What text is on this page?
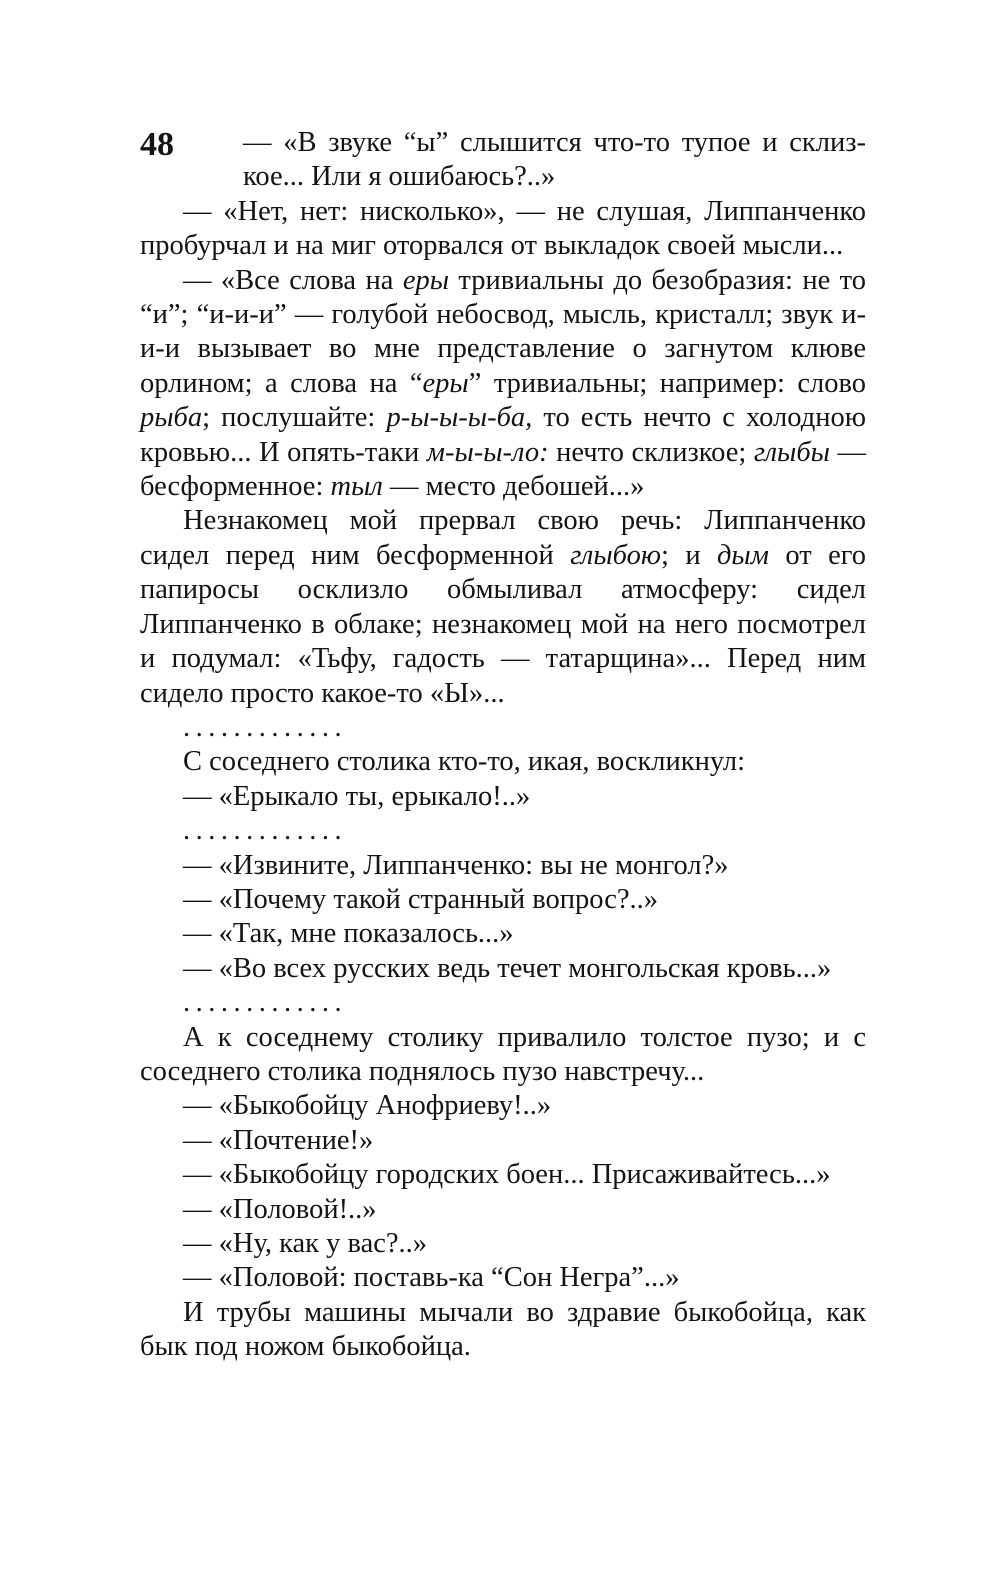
48	— «В звуке “ы” слышится что-то тупое и склиз-кое... Или я ошибаюсь?..»

— «Нет, нет: нисколько», — не слушая, Липпанченко пробурчал и на миг оторвался от выкладок своей мысли...

— «Все слова на еры тривиальны до безобразия: не то “и”; “и-и-и” — голубой небосвод, мысль, кристалл; звук и-и-и вызывает во мне представление о загнутом клюве орлином; а слова на “еры” тривиальны; например: слово рыба; послушайте: р-ы-ы-ы-ба, то есть нечто с холодною кровью... И опять-таки м-ы-ы-ло: нечто склизкое; глыбы — бесформенное: тыл — место дебошей...»

Незнакомец мой прервал свою речь: Липпанченко сидел перед ним бесформенной глыбою; и дым от его папиросы осклизло обмыливал атмосферу: сидел Липпанченко в облаке; незнакомец мой на него посмотрел и подумал: «Тьфу, гадость — татарщина»... Перед ним сидело просто какое-то «Ы»...

.............

С соседнего столика кто-то, икая, воскликнул:

— «Ерыкало ты, ерыкало!..»

.............

— «Извините, Липпанченко: вы не монгол?»

— «Почему такой странный вопрос?..»

— «Так, мне показалось...»

— «Во всех русских ведь течет монгольская кровь...»

.............

А к соседнему столику привалило толстое пузо; и с соседнего столика поднялось пузо навстречу...

— «Быкобойцу Анофриеву!..»

— «Почтение!»

— «Быкобойцу городских боен... Присаживайтесь...»

— «Половой!..»

— «Ну, как у вас?..»

— «Половой: поставь-ка “Сон Негра”...»

И трубы машины мычали во здравие быкобойца, как бык под ножом быкобойца.
